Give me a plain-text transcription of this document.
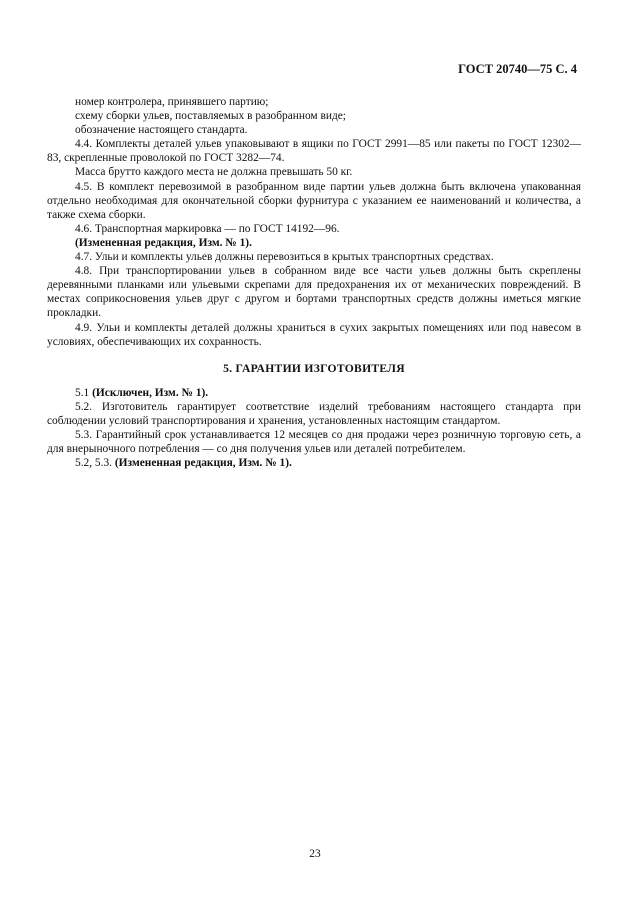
ГОСТ 20740—75 С. 4

номер контролера, принявшего партию;

схему сборки ульев, поставляемых в разобранном виде;

обозначение настоящего стандарта.

4.4. Комплекты деталей ульев упаковывают в ящики по ГОСТ 2991—85 или пакеты по ГОСТ 12302—83, скрепленные проволокой по ГОСТ 3282—74.

Масса брутто каждого места не должна превышать 50 кг.

4.5. В комплект перевозимой в разобранном виде партии ульев должна быть включена упакованная отдельно необходимая для окончательной сборки фурнитура с указанием ее наименований и количества, а также схема сборки.

4.6. Транспортная маркировка — по ГОСТ 14192—96.

(Измененная редакция, Изм. № 1).

4.7. Ульи и комплекты ульев должны перевозиться в крытых транспортных средствах.

4.8. При транспортировании ульев в собранном виде все части ульев должны быть скреплены деревянными планками или ульевыми скрепами для предохранения их от механических повреждений. В местах соприкосновения ульев друг с другом и бортами транспортных средств должны иметься мягкие прокладки.

4.9. Ульи и комплекты деталей должны храниться в сухих закрытых помещениях или под навесом в условиях, обеспечивающих их сохранность.

5. ГАРАНТИИ ИЗГОТОВИТЕЛЯ

5.1 (Исключен, Изм. № 1).

5.2. Изготовитель гарантирует соответствие изделий требованиям настоящего стандарта при соблюдении условий транспортирования и хранения, установленных настоящим стандартом.

5.3. Гарантийный срок устанавливается 12 месяцев со дня продажи через розничную торговую сеть, а для внерыночного потребления — со дня получения ульев или деталей потребителем.

5.2, 5.3. (Измененная редакция, Изм. № 1).

23
